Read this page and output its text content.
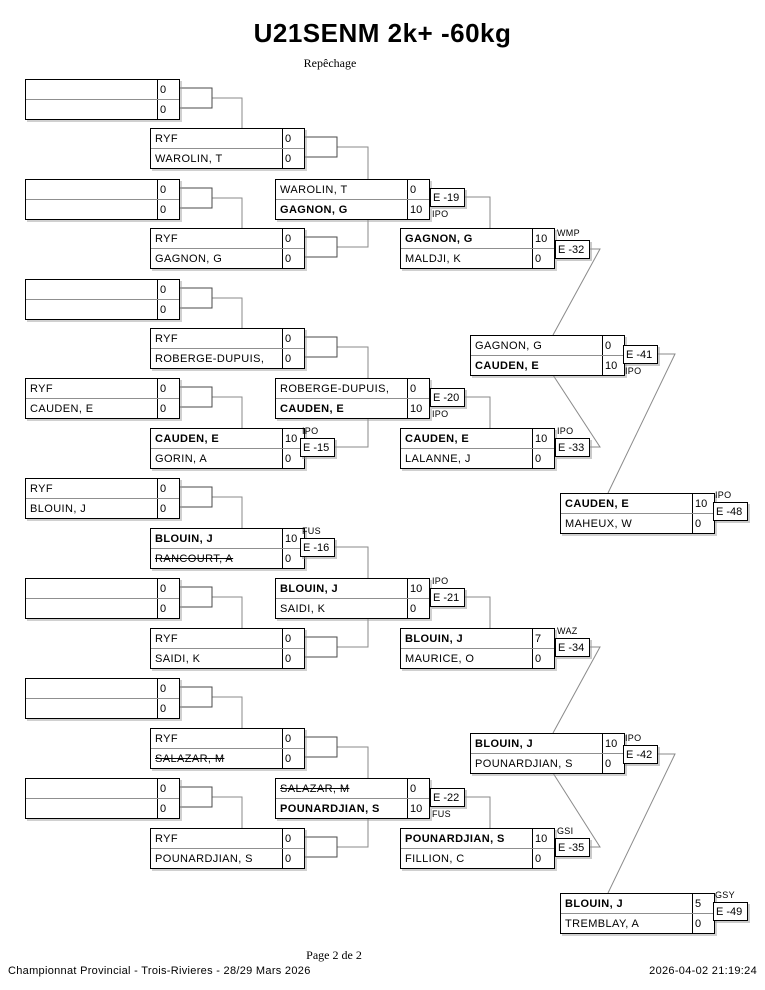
U21SENM 2k+ -60kg
Repêchage
0
0
0
0
0
0
RYF	0
CAUDEN, E	0
RYF	0
BLOUIN, J	0
0
0
0
0
0
0
RYF	0
WAROLIN, T	0
RYF	0
GAGNON, G	0
RYF	0
ROBERGE-DUPUIS,	0
CAUDEN, E	10
GORIN, A	0
BLOUIN, J	10
RANCOURT, A	0
RYF	0
SAIDI, K	0
RYF	0
SALAZAR, M	0
RYF	0
POUNARDJIAN, S	0
WAROLIN, T	0
GAGNON, G	10
ROBERGE-DUPUIS,	0
CAUDEN, E	10
BLOUIN, J	10
SAIDI, K	0
SALAZAR, M	0
POUNARDJIAN, S	10
GAGNON, G	10
MALDJI, K	0
CAUDEN, E	10
LALANNE, J	0
BLOUIN, J	7
MAURICE, O	0
POUNARDJIAN, S	10
FILLION, C	0
GAGNON, G	0
CAUDEN, E	10
BLOUIN, J	10
POUNARDJIAN, S	0
CAUDEN, E	10
MAHEUX, W	0
BLOUIN, J	5
TREMBLAY, A	0
E -15
IPO
E -16
FUS
E -19
IPO
E -20
IPO
E -21
IPO
E -22
FUS
E -32
WMP
E -33
IPO
E -34
WAZ
E -35
GSI
E -41
IPO
E -42
IPO
E -48
IPO
E -49
GSY
Page 2 de 2
Championnat Provincial - Trois-Rivieres - 28/29 Mars 2026	2026-04-02 21:19:24
